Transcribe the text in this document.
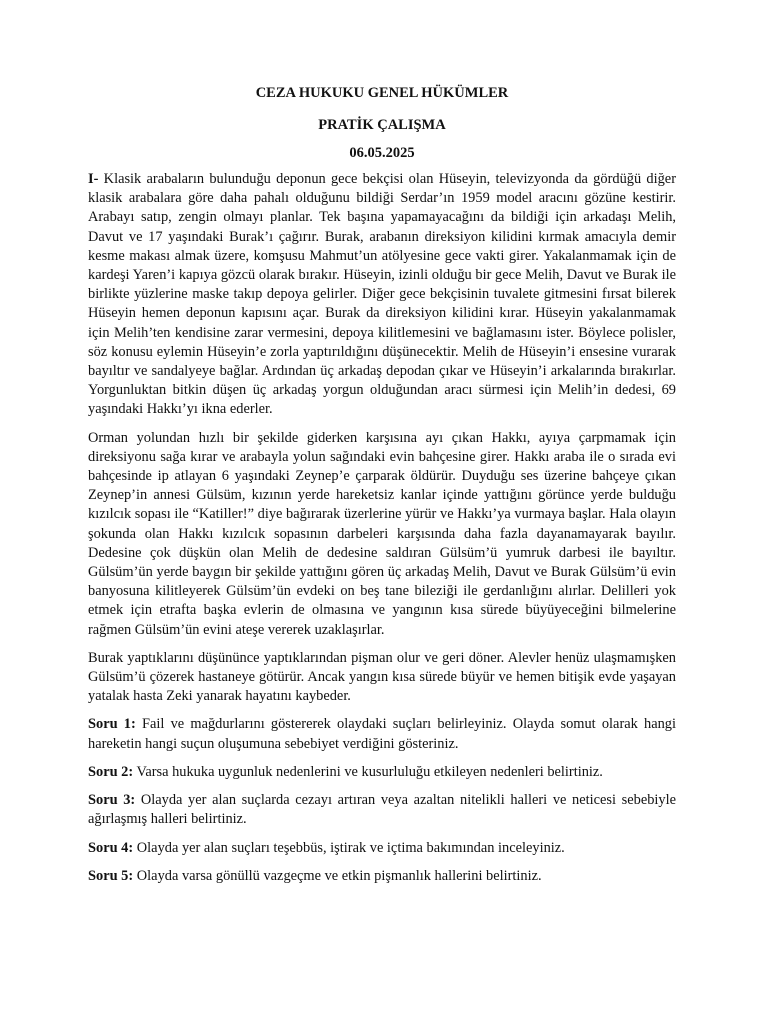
CEZA HUKUKU GENEL HÜKÜMLER
PRATİK ÇALIŞMA
06.05.2025

I- Klasik arabaların bulunduğu deponun gece bekçisi olan Hüseyin, televizyonda da gördüğü diğer klasik arabalara göre daha pahalı olduğunu bildiği Serdar’ın 1959 model aracını gözüne kestirir. Arabayı satıp, zengin olmayı planlar. Tek başına yapamayacağını da bildiği için arkadaşı Melih, Davut ve 17 yaşındaki Burak’ı çağırır. Burak, arabanın direksiyon kilidini kırmak amacıyla demir kesme makası almak üzere, komşusu Mahmut’un atölyesine gece vakti girer. Yakalanmamak için de kardeşi Yaren’i kapıya gözcü olarak bırakır. Hüseyin, izinli olduğu bir gece Melih, Davut ve Burak ile birlikte yüzlerine maske takıp depoya gelirler. Diğer gece bekçisinin tuvalete gitmesini fırsat bilerek Hüseyin hemen deponun kapısını açar. Burak da direksiyon kilidini kırar. Hüseyin yakalanmamak için Melih’ten kendisine zarar vermesini, depoya kilitlemesini ve bağlamasını ister. Böylece polisler, söz konusu eylemin Hüseyin’e zorla yaptırıldığını düşünecektir. Melih de Hüseyin’i ensesine vurarak bayıltır ve sandalyeye bağlar. Ardından üç arkadaş depodan çıkar ve Hüseyin’i arkalarında bırakırlar. Yorgunluktan bitkin düşen üç arkadaş yorgun olduğundan aracı sürmesi için Melih’in dedesi, 69 yaşındaki Hakkı’yı ikna ederler.

Orman yolundan hızlı bir şekilde giderken karşısına ayı çıkan Hakkı, ayıya çarpmamak için direksiyonu sağa kırar ve arabayla yolun sağındaki evin bahçesine girer. Hakkı araba ile o sırada evi bahçesinde ip atlayan 6 yaşındaki Zeynep’e çarparak öldürür. Duyduğu ses üzerine bahçeye çıkan Zeynep’in annesi Gülsüm, kızının yerde hareketsiz kanlar içinde yattığını görünce yerde bulduğu kızılcık sopası ile “Katiller!” diye bağırarak üzerlerine yürür ve Hakkı’ya vurmaya başlar. Hala olayın şokunda olan Hakkı kızılcık sopasının darbeleri karşısında daha fazla dayanamayarak bayılır. Dedesine çok düşkün olan Melih de dedesine saldıran Gülsüm’ü yumruk darbesi ile bayıltır. Gülsüm’ün yerde baygın bir şekilde yattığını gören üç arkadaş Melih, Davut ve Burak Gülsüm’ü evin banyosuna kilitleyerek Gülsüm’ün evdeki on beş tane bileziği ile gerdanlığını alırlar. Delilleri yok etmek için etrafta başka evlerin de olmasına ve yangının kısa sürede büyüyeceğini bilmelerine rağmen Gülsüm’ün evini ateşe vererek uzaklaşırlar.

Burak yaptıklarını düşününce yaptıklarından pişman olur ve geri döner. Alevler henüz ulaşmamışken Gülsüm’ü çözerek hastaneye götürür. Ancak yangın kısa sürede büyür ve hemen bitişik evde yaşayan yatalak hasta Zeki yanarak hayatını kaybeder.

Soru 1: Fail ve mağdurlarını göstererek olaydaki suçları belirleyiniz. Olayda somut olarak hangi hareketin hangi suçun oluşumuna sebebiyet verdiğini gösteriniz.

Soru 2: Varsa hukuka uygunluk nedenlerini ve kusurluluğu etkileyen nedenleri belirtiniz.

Soru 3: Olayda yer alan suçlarda cezayı artıran veya azaltan nitelikli halleri ve neticesi sebebiyle ağırlaşmış halleri belirtiniz.

Soru 4: Olayda yer alan suçları teşebbüs, iştirak ve içtima bakımından inceleyiniz.

Soru 5: Olayda varsa gönüllü vazgeçme ve etkin pişmanlık hallerini belirtiniz.
